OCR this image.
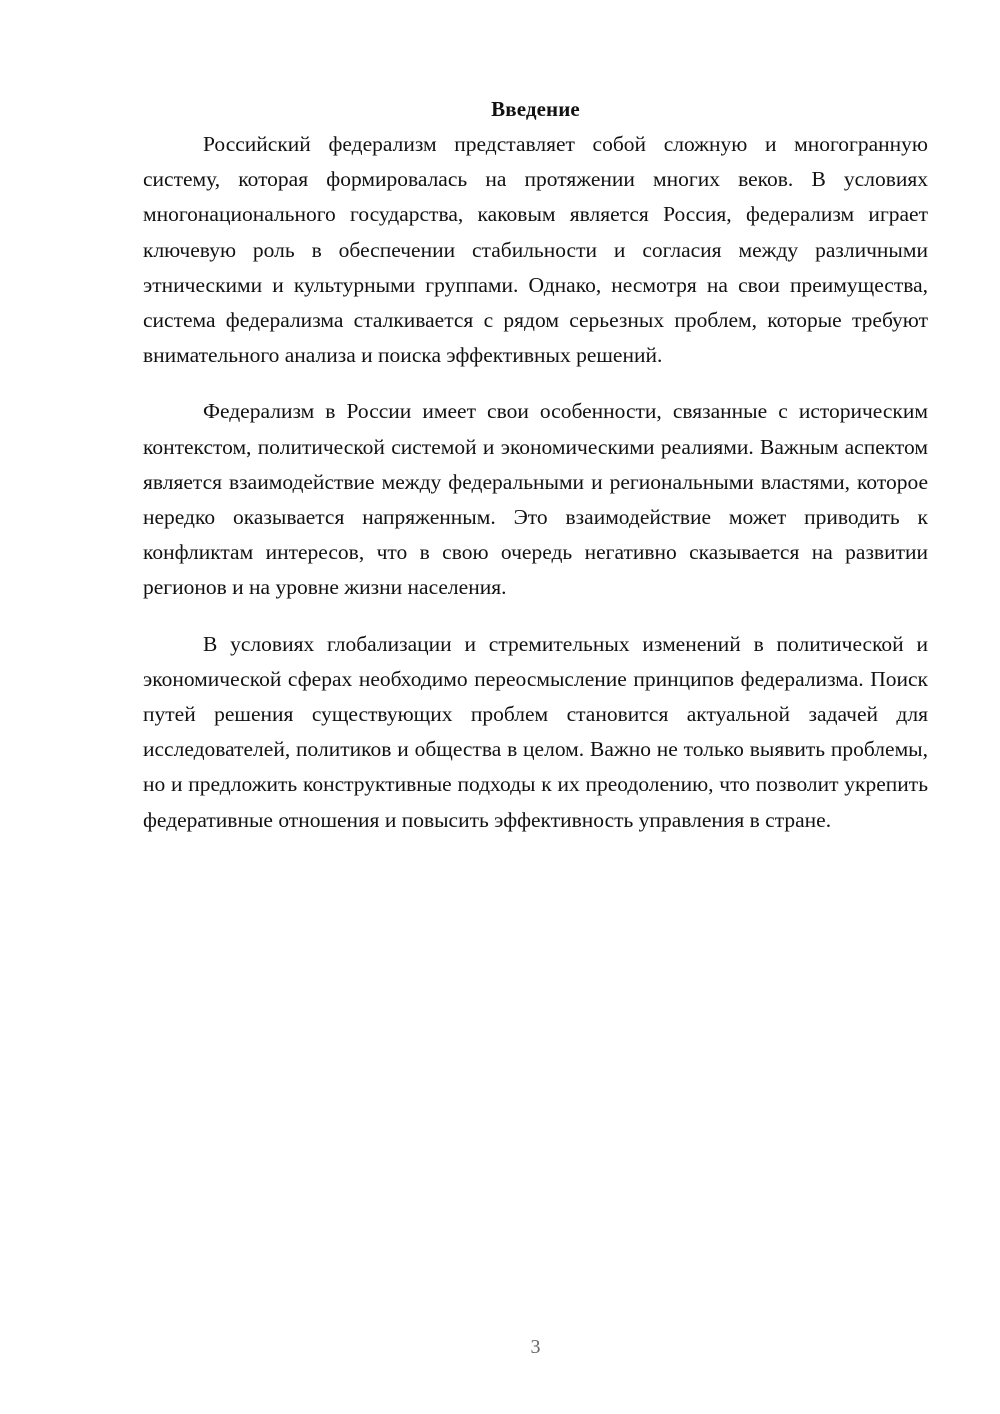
Введение

Российский федерализм представляет собой сложную и многогранную систему, которая формировалась на протяжении многих веков. В условиях многонационального государства, каковым является Россия, федерализм играет ключевую роль в обеспечении стабильности и согласия между различными этническими и культурными группами. Однако, несмотря на свои преимущества, система федерализма сталкивается с рядом серьезных проблем, которые требуют внимательного анализа и поиска эффективных решений.

Федерализм в России имеет свои особенности, связанные с историческим контекстом, политической системой и экономическими реалиями. Важным аспектом является взаимодействие между федеральными и региональными властями, которое нередко оказывается напряженным. Это взаимодействие может приводить к конфликтам интересов, что в свою очередь негативно сказывается на развитии регионов и на уровне жизни населения.

В условиях глобализации и стремительных изменений в политической и экономической сферах необходимо переосмысление принципов федерализма. Поиск путей решения существующих проблем становится актуальной задачей для исследователей, политиков и общества в целом. Важно не только выявить проблемы, но и предложить конструктивные подходы к их преодолению, что позволит укрепить федеративные отношения и повысить эффективность управления в стране.

3
